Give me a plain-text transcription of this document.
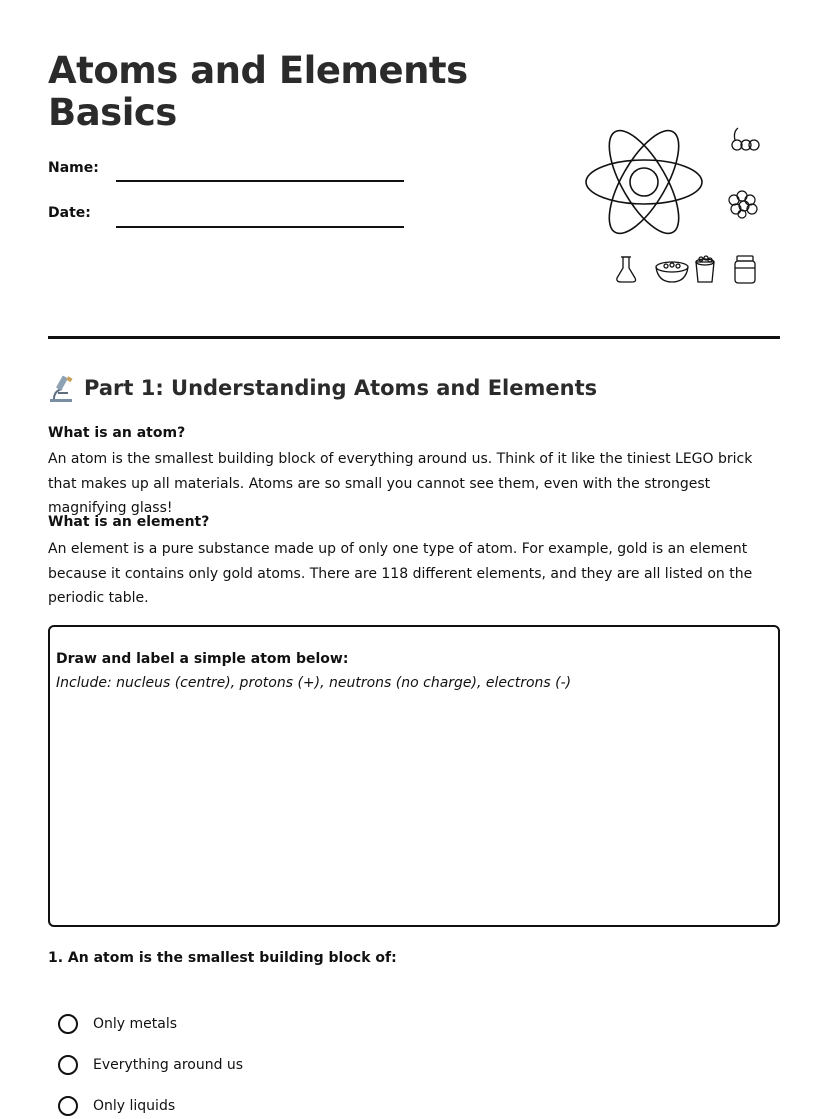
Atoms and Elements Basics
Name:
Date:
Part 1: Understanding Atoms and Elements
What is an atom?

An atom is the smallest building block of everything around us. Think of it like the tiniest LEGO brick that makes up all materials. Atoms are so small you cannot see them, even with the strongest magnifying glass!

What is an element?

An element is a pure substance made up of only one type of atom. For example, gold is an element because it contains only gold atoms. There are 118 different elements, and they are all listed on the periodic table.

Draw and label a simple atom below:
Include: nucleus (centre), protons (+), neutrons (no charge), electrons (-)
1. An atom is the smallest building block of:
Only metals
Everything around us
Only liquids
